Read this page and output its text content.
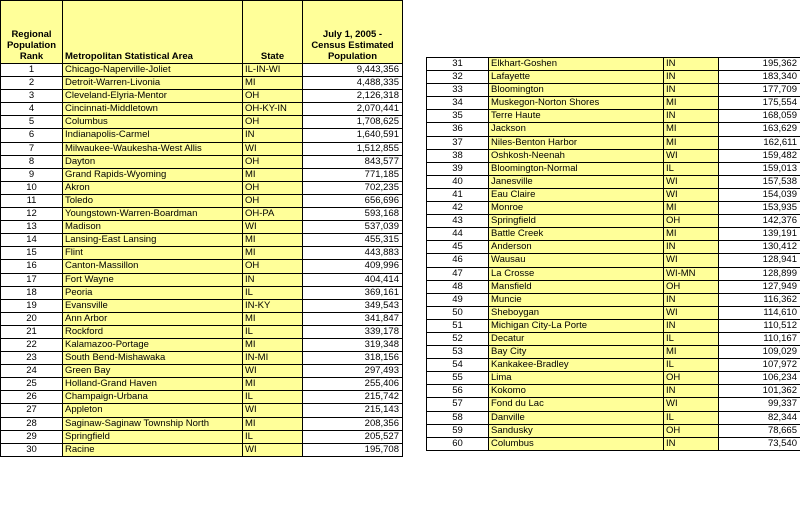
Regional Population Rank	Metropolitan Statistical Area	State	July 1, 2005 - Census Estimated Population
1	Chicago-Naperville-Joliet	IL-IN-WI	9,443,356
2	Detroit-Warren-Livonia	MI	4,488,335
3	Cleveland-Elyria-Mentor	OH	2,126,318
4	Cincinnati-Middletown	OH-KY-IN	2,070,441
5	Columbus	OH	1,708,625
6	Indianapolis-Carmel	IN	1,640,591
7	Milwaukee-Waukesha-West Allis	WI	1,512,855
8	Dayton	OH	843,577
9	Grand Rapids-Wyoming	MI	771,185
10	Akron	OH	702,235
11	Toledo	OH	656,696
12	Youngstown-Warren-Boardman	OH-PA	593,168
13	Madison	WI	537,039
14	Lansing-East Lansing	MI	455,315
15	Flint	MI	443,883
16	Canton-Massillon	OH	409,996
17	Fort Wayne	IN	404,414
18	Peoria	IL	369,161
19	Evansville	IN-KY	349,543
20	Ann Arbor	MI	341,847
21	Rockford	IL	339,178
22	Kalamazoo-Portage	MI	319,348
23	South Bend-Mishawaka	IN-MI	318,156
24	Green Bay	WI	297,493
25	Holland-Grand Haven	MI	255,406
26	Champaign-Urbana	IL	215,742
27	Appleton	WI	215,143
28	Saginaw-Saginaw Township North	MI	208,356
29	Springfield	IL	205,527
30	Racine	WI	195,708
31	Elkhart-Goshen	IN	195,362
32	Lafayette	IN	183,340
33	Bloomington	IN	177,709
34	Muskegon-Norton Shores	MI	175,554
35	Terre Haute	IN	168,059
36	Jackson	MI	163,629
37	Niles-Benton Harbor	MI	162,611
38	Oshkosh-Neenah	WI	159,482
39	Bloomington-Normal	IL	159,013
40	Janesville	WI	157,538
41	Eau Claire	WI	154,039
42	Monroe	MI	153,935
43	Springfield	OH	142,376
44	Battle Creek	MI	139,191
45	Anderson	IN	130,412
46	Wausau	WI	128,941
47	La Crosse	WI-MN	128,899
48	Mansfield	OH	127,949
49	Muncie	IN	116,362
50	Sheboygan	WI	114,610
51	Michigan City-La Porte	IN	110,512
52	Decatur	IL	110,167
53	Bay City	MI	109,029
54	Kankakee-Bradley	IL	107,972
55	Lima	OH	106,234
56	Kokomo	IN	101,362
57	Fond du Lac	WI	99,337
58	Danville	IL	82,344
59	Sandusky	OH	78,665
60	Columbus	IN	73,540
